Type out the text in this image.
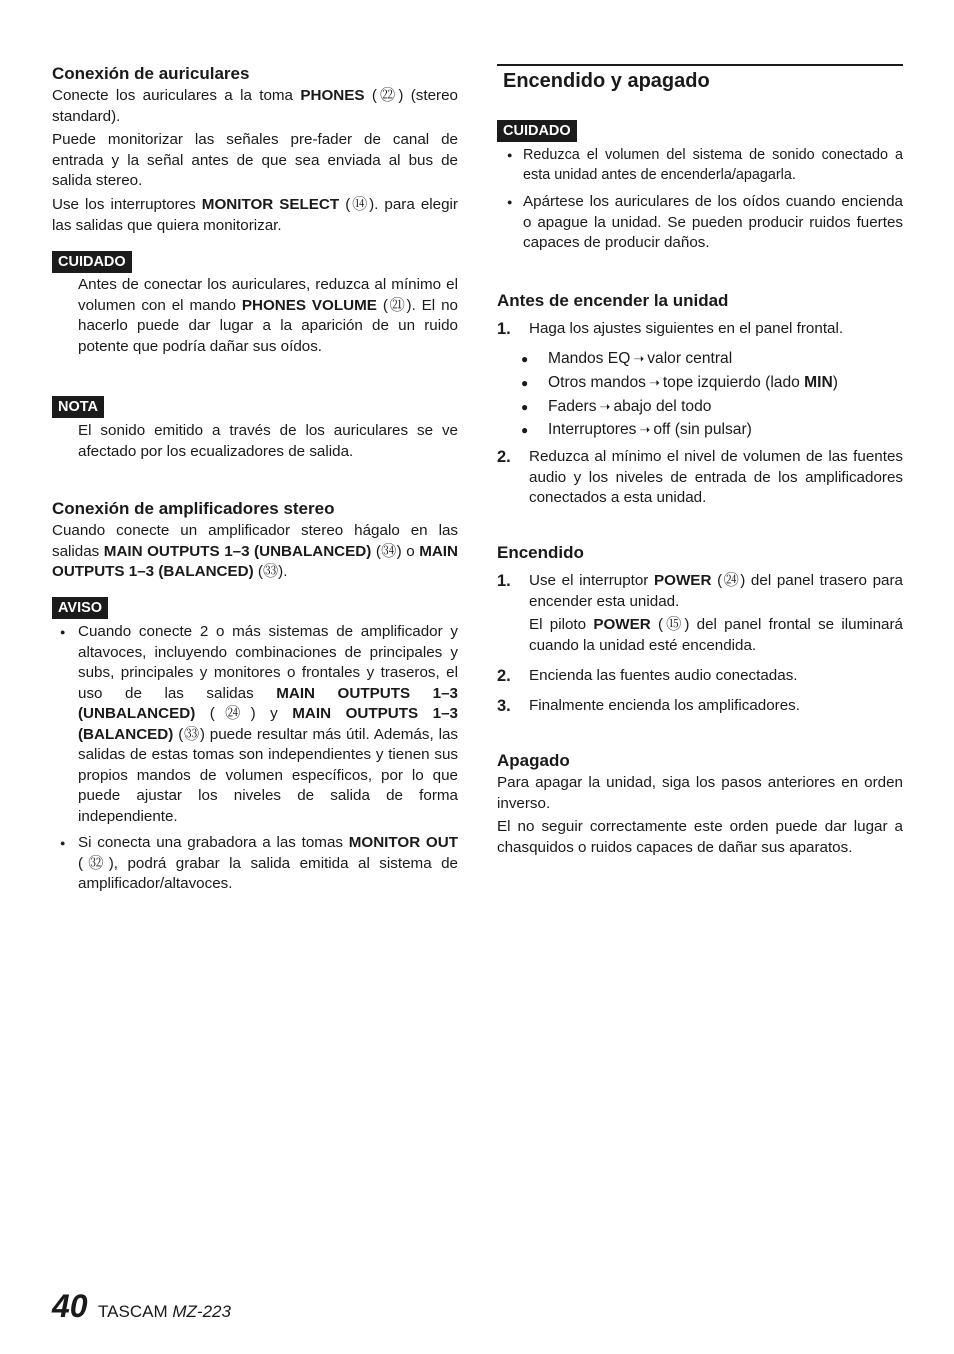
Conexión de auriculares
Conecte los auriculares a la toma PHONES (㉒) (stereo standard).
Puede monitorizar las señales pre-fader de canal de entrada y la señal antes de que sea enviada al bus de salida stereo.
Use los interruptores MONITOR SELECT (⑭). para elegir las salidas que quiera monitorizar.
CUIDADO
Antes de conectar los auriculares, reduzca al mínimo el volumen con el mando PHONES VOLUME (㉑). El no hacerlo puede dar lugar a la aparición de un ruido potente que podría dañar sus oídos.
NOTA
El sonido emitido a través de los auriculares se ve afectado por los ecualizadores de salida.
Conexión de amplificadores stereo
Cuando conecte un amplificador stereo hágalo en las salidas MAIN OUTPUTS 1–3 (UNBALANCED) (㉞) o MAIN OUTPUTS 1–3 (BALANCED) (㉝).
AVISO
● Cuando conecte 2 o más sistemas de amplificador y altavoces, incluyendo combinaciones de principales y subs, principales y monitores o frontales y traseros, el uso de las salidas MAIN OUTPUTS 1–3 (UNBALANCED) (㉔) y MAIN OUTPUTS 1–3 (BALANCED) (㉝) puede resultar más útil. Además, las salidas de estas tomas son independientes y tienen sus propios mandos de volumen específicos, por lo que puede ajustar los niveles de salida de forma independiente.
● Si conecta una grabadora a las tomas MONITOR OUT (㉜), podrá grabar la salida emitida al sistema de amplificador/altavoces.
Encendido y apagado
CUIDADO
● Reduzca el volumen del sistema de sonido conectado a esta unidad antes de encenderla/apagarla.
● Apártese los auriculares de los oídos cuando encienda o apague la unidad. Se pueden producir ruidos fuertes capaces de producir daños.
Antes de encender la unidad
1. Haga los ajustes siguientes en el panel frontal.
● Mandos EQ ➝ valor central
● Otros mandos ➝ tope izquierdo (lado MIN)
● Faders ➝ abajo del todo
● Interruptores ➝ off (sin pulsar)
2. Reduzca al mínimo el nivel de volumen de las fuentes audio y los niveles de entrada de los amplificadores conectados a esta unidad.
Encendido
1. Use el interruptor POWER (㉔) del panel trasero para encender esta unidad.
El piloto POWER (⑮) del panel frontal se iluminará cuando la unidad esté encendida.
2. Encienda las fuentes audio conectadas.
3. Finalmente encienda los amplificadores.
Apagado
Para apagar la unidad, siga los pasos anteriores en orden inverso.
El no seguir correctamente este orden puede dar lugar a chasquidos o ruidos capaces de dañar sus aparatos.
40 TASCAM MZ-223
